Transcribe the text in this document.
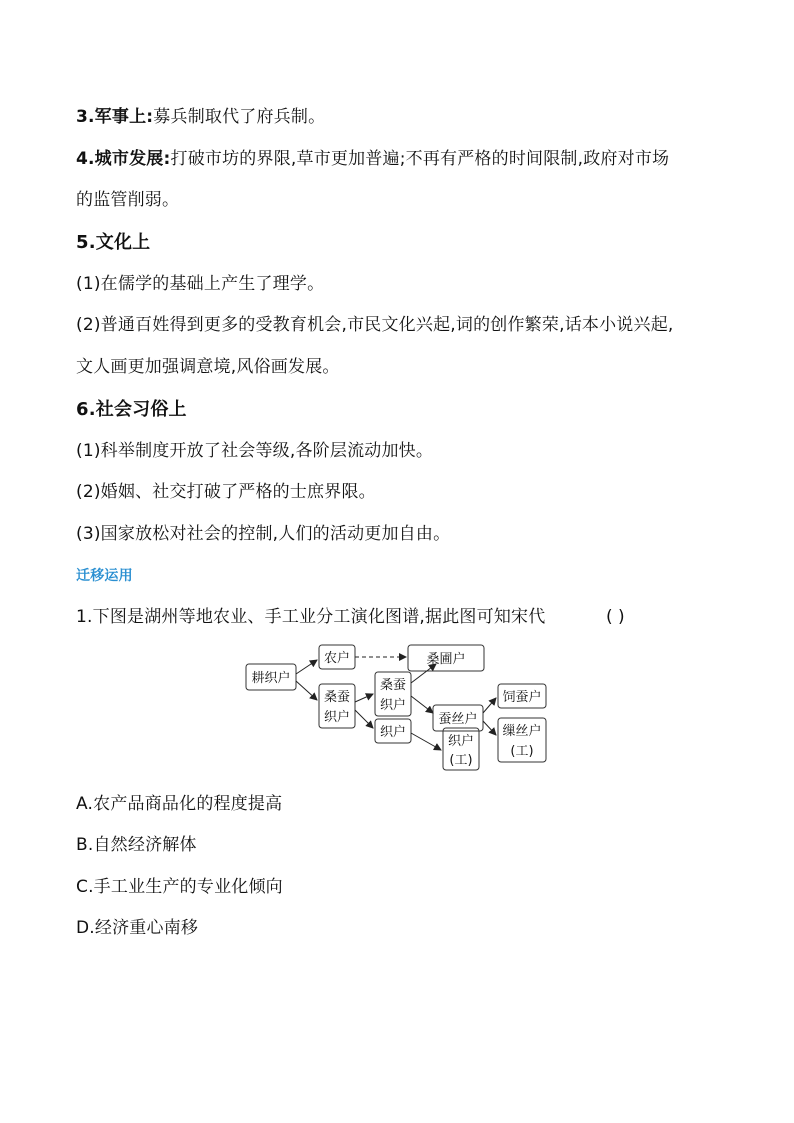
3.军事上:募兵制取代了府兵制。
4.城市发展:打破市坊的界限,草市更加普遍;不再有严格的时间限制,政府对市场
的监管削弱。
5.文化上
(1)在儒学的基础上产生了理学。
(2)普通百姓得到更多的受教育机会,市民文化兴起,词的创作繁荣,话本小说兴起,
文人画更加强调意境,风俗画发展。
6.社会习俗上
(1)科举制度开放了社会等级,各阶层流动加快。
(2)婚姻、社交打破了严格的士庶界限。
(3)国家放松对社会的控制,人们的活动更加自由。
迁移运用
1.下图是湖州等地农业、手工业分工演化图谱,据此图可知宋代	( )
耕织户
农户
桑蚕
织户
桑蚕
织户
织户
桑圃户
蚕丝户
织户
(工)
饲蚕户
缫丝户
(工)
A.农产品商品化的程度提高
B.自然经济解体
C.手工业生产的专业化倾向
D.经济重心南移
